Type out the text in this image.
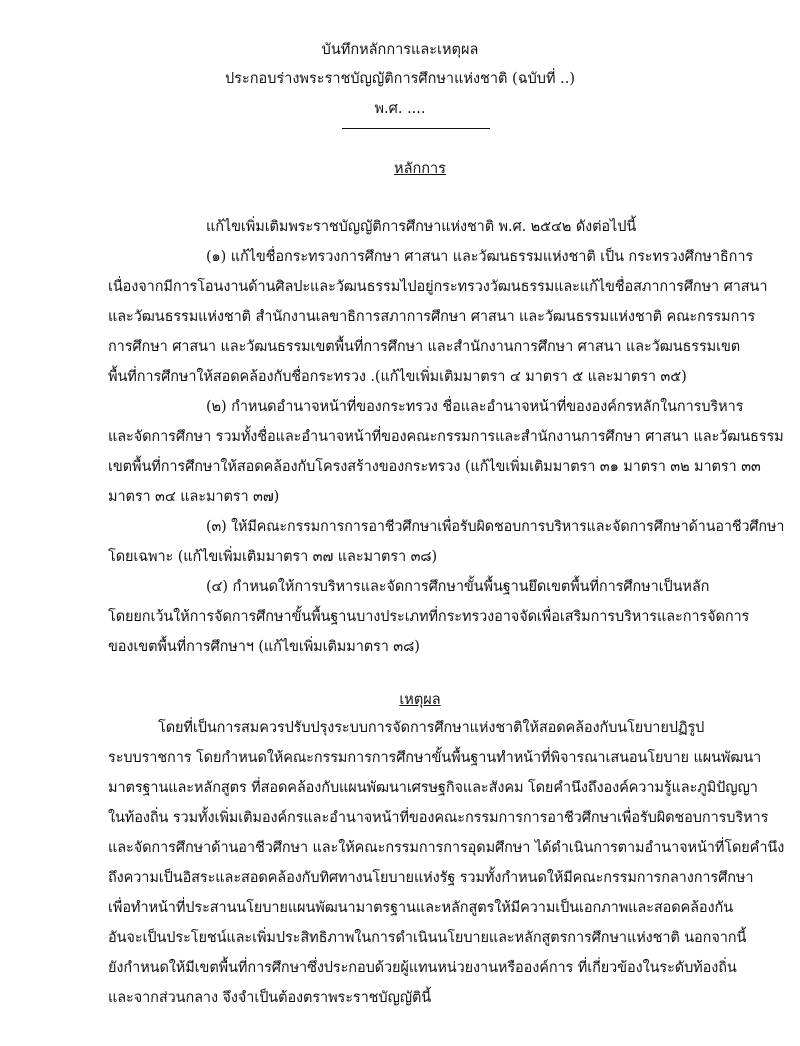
บันทึกหลักการและเหตุผล
ประกอบร่างพระราชบัญญัติการศึกษาแห่งชาติ (ฉบับที่ ..)
พ.ศ. ....
หลักการ
แก้ไขเพิ่มเติมพระราชบัญญัติการศึกษาแห่งชาติ พ.ศ. ๒๕๔๒ ดังต่อไปนี้
(๑) แก้ไขชื่อกระทรวงการศึกษา ศาสนา และวัฒนธรรมแห่งชาติ เป็น กระทรวงศึกษาธิการ
เนื่องจากมีการโอนงานด้านศิลปะและวัฒนธรรมไปอยู่กระทรวงวัฒนธรรมและแก้ไขชื่อสภาการศึกษา ศาสนา
และวัฒนธรรมแห่งชาติ สำนักงานเลขาธิการสภาการศึกษา ศาสนา และวัฒนธรรมแห่งชาติ คณะกรรมการ
การศึกษา ศาสนา และวัฒนธรรมเขตพื้นที่การศึกษา และสำนักงานการศึกษา ศาสนา และวัฒนธรรมเขต
พื้นที่การศึกษาให้สอดคล้องกับชื่อกระทรวง .(แก้ไขเพิ่มเติมมาตรา ๔ มาตรา ๕ และมาตรา ๓๕)
(๒) กำหนดอำนาจหน้าที่ของกระทรวง ชื่อและอำนาจหน้าที่ขององค์กรหลักในการบริหาร
และจัดการศึกษา รวมทั้งชื่อและอำนาจหน้าที่ของคณะกรรมการและสำนักงานการศึกษา ศาสนา และวัฒนธรรม
เขตพื้นที่การศึกษาให้สอดคล้องกับโครงสร้างของกระทรวง (แก้ไขเพิ่มเติมมาตรา ๓๑ มาตรา ๓๒ มาตรา ๓๓
มาตรา ๓๔ และมาตรา ๓๗)
(๓) ให้มีคณะกรรมการการอาชีวศึกษาเพื่อรับผิดชอบการบริหารและจัดการศึกษาด้านอาชีวศึกษา
โดยเฉพาะ (แก้ไขเพิ่มเติมมาตรา ๓๗ และมาตรา ๓๘)
(๔) กำหนดให้การบริหารและจัดการศึกษาขั้นพื้นฐานยึดเขตพื้นที่การศึกษาเป็นหลัก
โดยยกเว้นให้การจัดการศึกษาขั้นพื้นฐานบางประเภทที่กระทรวงอาจจัดเพื่อเสริมการบริหารและการจัดการ
ของเขตพื้นที่การศึกษาฯ (แก้ไขเพิ่มเติมมาตรา ๓๘)
เหตุผล
โดยที่เป็นการสมควรปรับปรุงระบบการจัดการศึกษาแห่งชาติให้สอดคล้องกับนโยบายปฏิรูป
ระบบราชการ โดยกำหนดให้คณะกรรมการการศึกษาขั้นพื้นฐานทำหน้าที่พิจารณาเสนอนโยบาย แผนพัฒนา
มาตรฐานและหลักสูตร ที่สอดคล้องกับแผนพัฒนาเศรษฐกิจและสังคม โดยคำนึงถึงองค์ความรู้และภูมิปัญญา
ในท้องถิ่น รวมทั้งเพิ่มเติมองค์กรและอำนาจหน้าที่ของคณะกรรมการการอาชีวศึกษาเพื่อรับผิดชอบการบริหาร
และจัดการศึกษาด้านอาชีวศึกษา และให้คณะกรรมการการอุดมศึกษา ได้ดำเนินการตามอำนาจหน้าที่โดยคำนึง
ถึงความเป็นอิสระและสอดคล้องกับทิศทางนโยบายแห่งรัฐ รวมทั้งกำหนดให้มีคณะกรรมการกลางการศึกษา
เพื่อทำหน้าที่ประสานนโยบายแผนพัฒนามาตรฐานและหลักสูตรให้มีความเป็นเอกภาพและสอดคล้องกัน
อันจะเป็นประโยชน์และเพิ่มประสิทธิภาพในการดำเนินนโยบายและหลักสูตรการศึกษาแห่งชาติ นอกจากนี้
ยังกำหนดให้มีเขตพื้นที่การศึกษาซึ่งประกอบด้วยผู้แทนหน่วยงานหรือองค์การ ที่เกี่ยวข้องในระดับท้องถิ่น
และจากส่วนกลาง จึงจำเป็นต้องตราพระราชบัญญัตินี้
